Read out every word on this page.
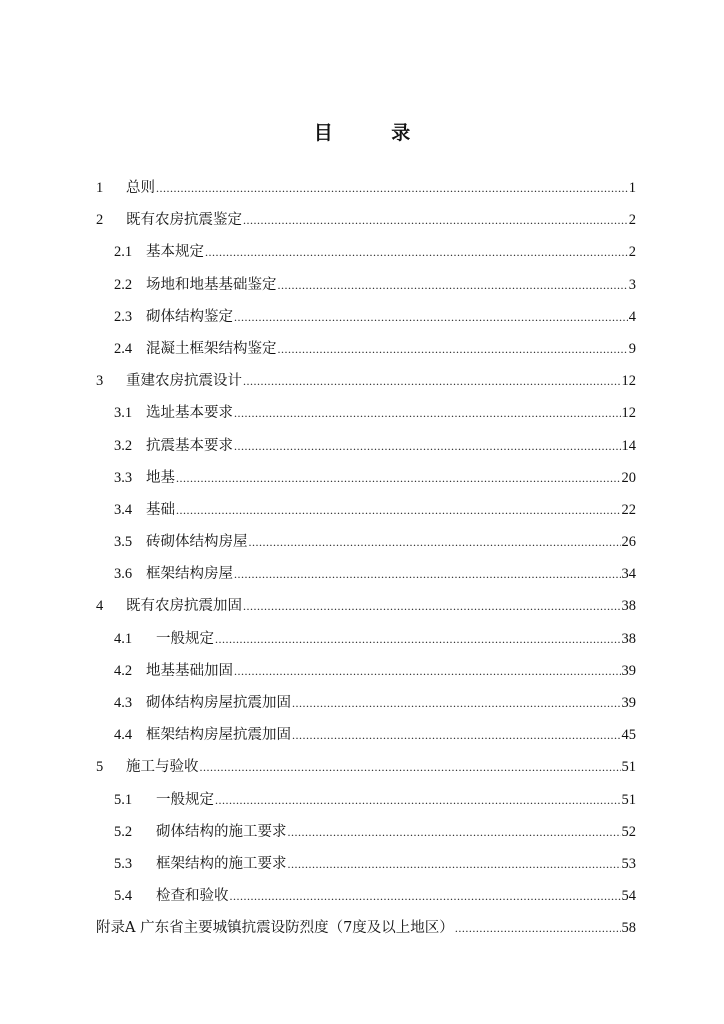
目 录
1	总则 .....	1
2	既有农房抗震鉴定 .....	2
2.1 基本规定 .....	2
2.2 场地和地基基础鉴定 .....	3
2.3 砌体结构鉴定 .....	4
2.4 混凝土框架结构鉴定 .....	9
3	重建农房抗震设计 .....	12
3.1 选址基本要求 .....	12
3.2 抗震基本要求 .....	14
3.3 地基 .....	20
3.4 基础 .....	22
3.5 砖砌体结构房屋 .....	26
3.6 框架结构房屋 .....	34
4	既有农房抗震加固 .....	38
4.1	一般规定 .....	38
4.2 地基基础加固 .....	39
4.3 砌体结构房屋抗震加固 .....	39
4.4 框架结构房屋抗震加固 .....	45
5	施工与验收 .....	51
5.1	一般规定 .....	51
5.2	砌体结构的施工要求 .....	52
5.3	框架结构的施工要求 .....	53
5.4	检查和验收 .....	54
附录A 广东省主要城镇抗震设防烈度（7度及以上地区） .....	58
